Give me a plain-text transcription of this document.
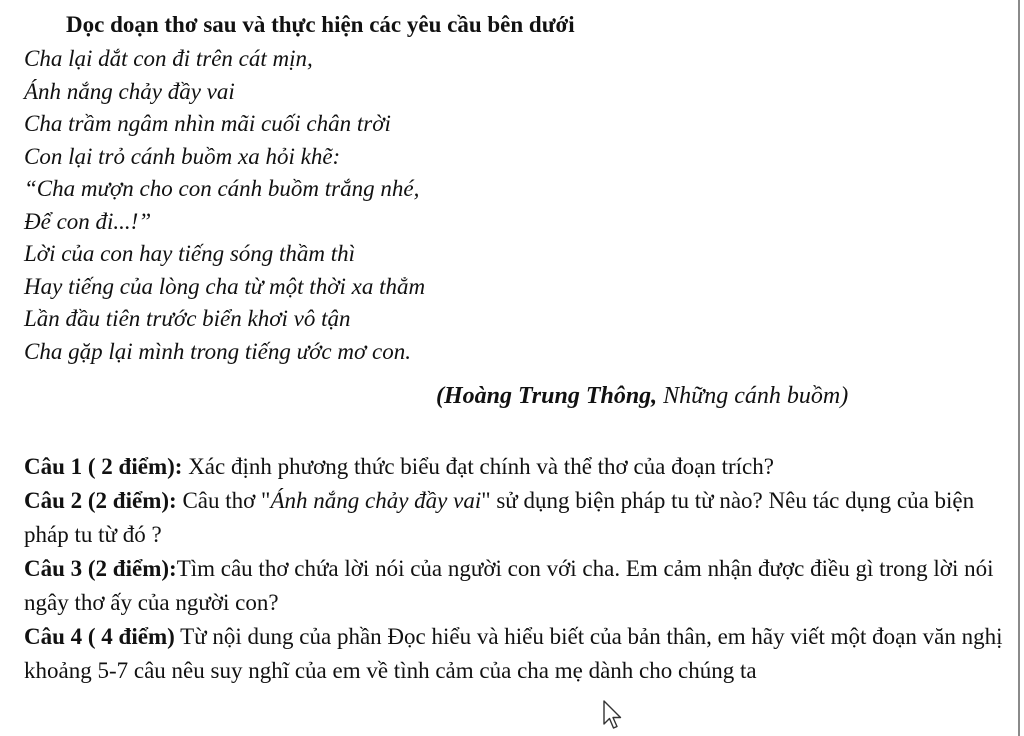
Dọc doạn thơ sau và thực hiện các yêu cầu bên dưới
Cha lại dắt con đi trên cát mịn,
Ánh nắng chảy đầy vai
Cha trầm ngâm nhìn mãi cuối chân trời
Con lại trỏ cánh buồm xa hỏi khẽ:
“Cha mượn cho con cánh buồm trắng nhé,
Để con đi...!”
Lời của con hay tiếng sóng thầm thì
Hay tiếng của lòng cha từ một thời xa thẳm
Lần đầu tiên trước biển khơi vô tận
Cha gặp lại mình trong tiếng ước mơ con.
(Hoàng Trung Thông, Những cánh buồm)

Câu 1 ( 2 điểm): Xác định phương thức biểu đạt chính và thể thơ của đoạn trích?

Câu 2 (2 điểm): Câu thơ "Ánh nắng chảy đầy vai" sử dụng biện pháp tu từ nào? Nêu tác dụng của biện pháp tu từ đó ?

Câu 3 (2 điểm):Tìm câu thơ chứa lời nói của người con với cha. Em cảm nhận được điều gì trong lời nói ngây thơ ấy của người con?

Câu 4 ( 4 điểm) Từ nội dung của phần Đọc hiểu và hiểu biết của bản thân, em hãy viết một đoạn văn nghị khoảng 5-7 câu nêu suy nghĩ của em về tình cảm của cha mẹ dành cho chúng ta
